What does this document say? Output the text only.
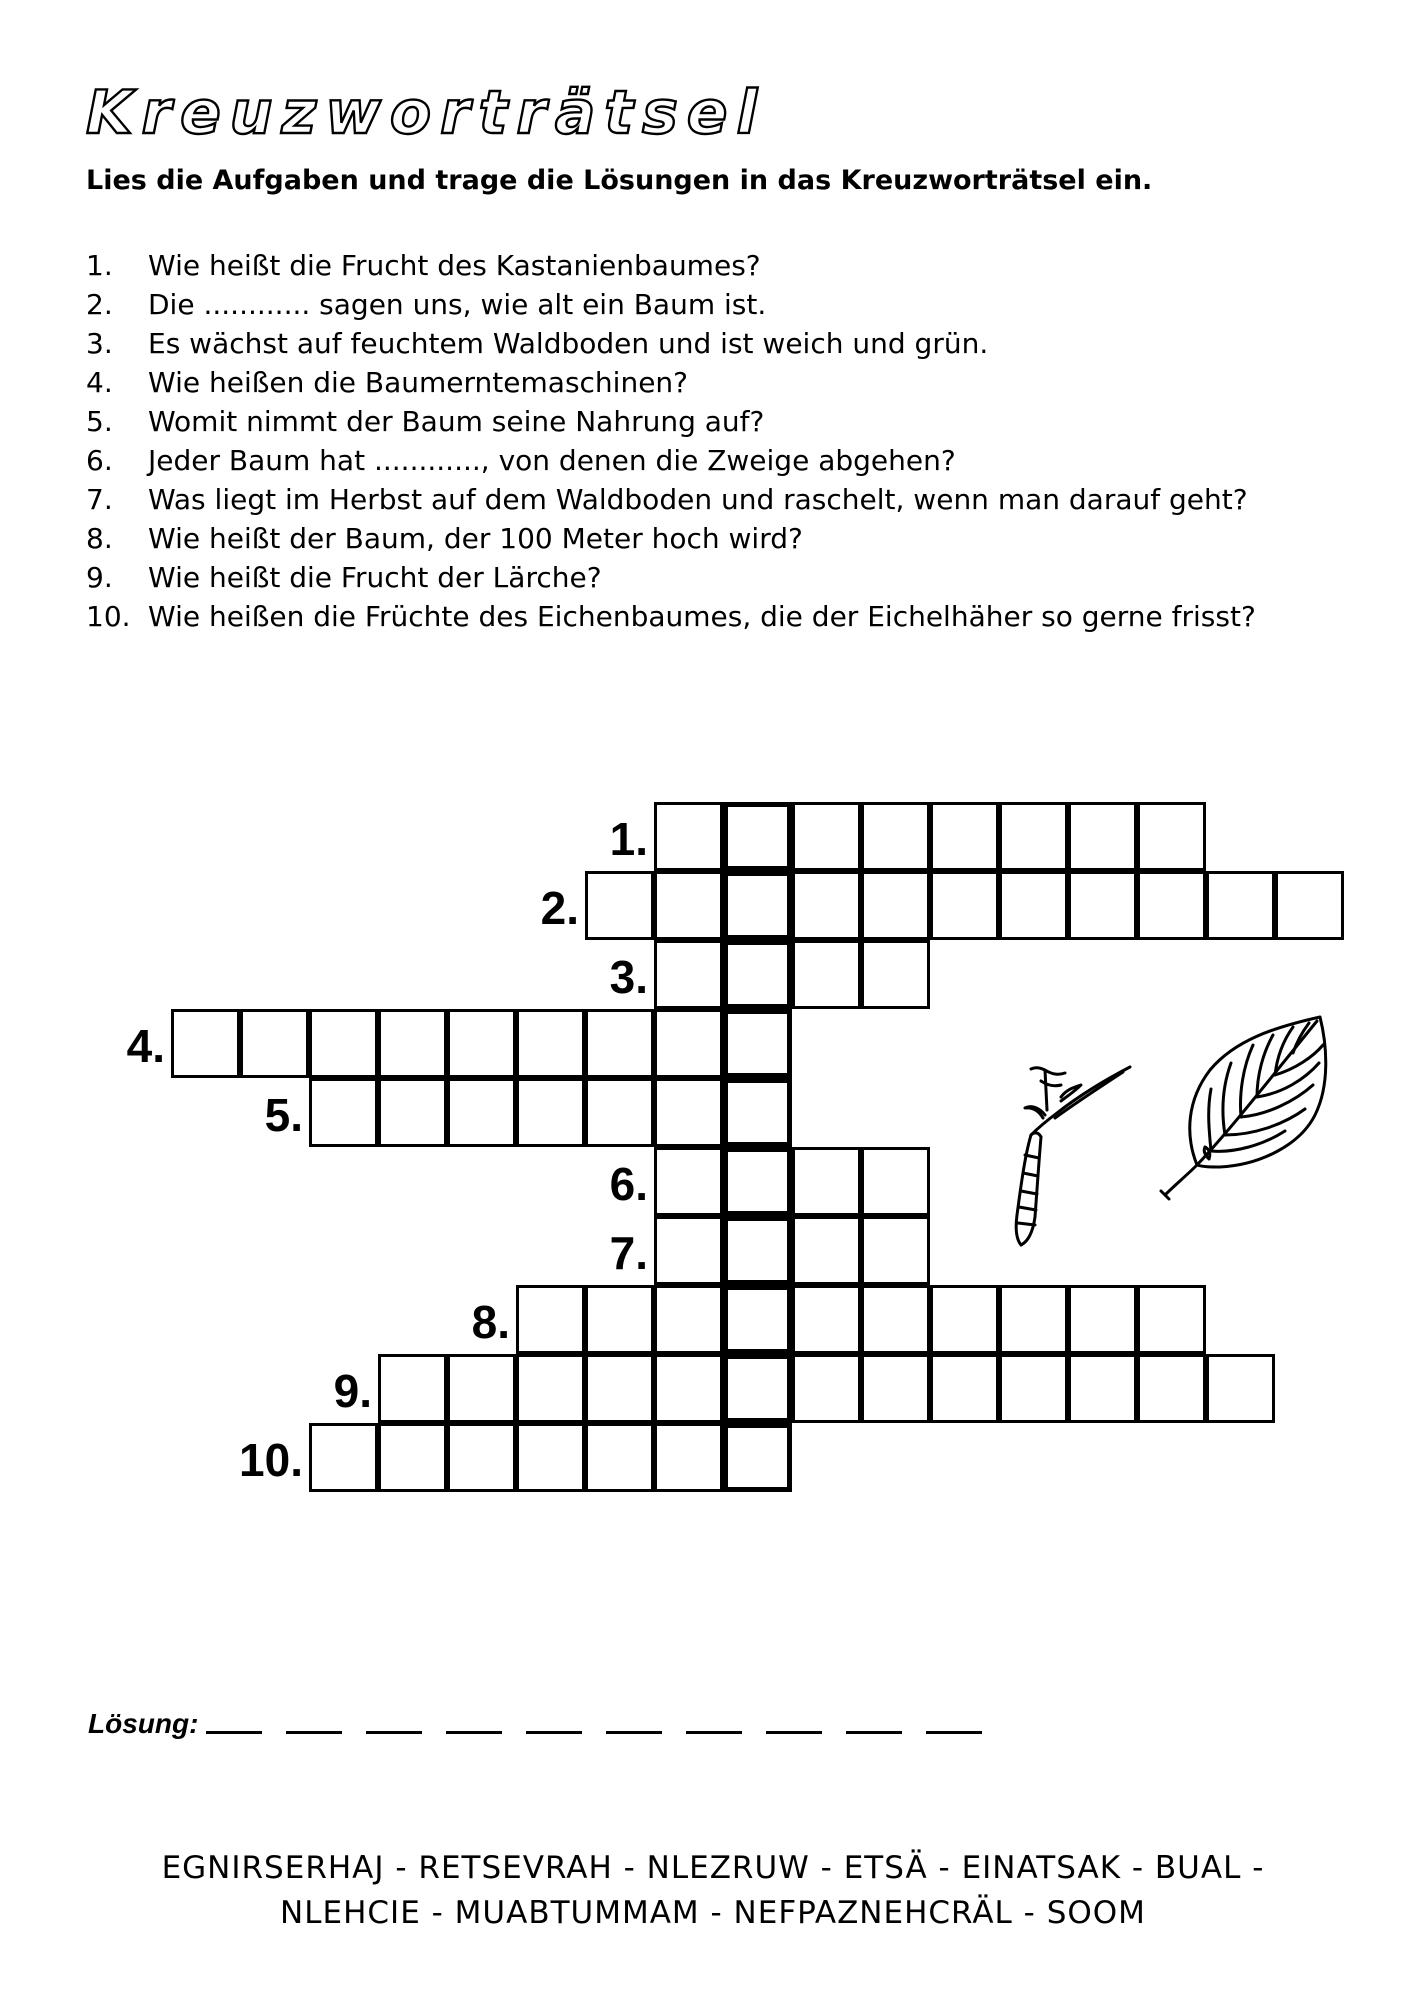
Kreuzworträtsel
Lies die Aufgaben und trage die Lösungen in das Kreuzworträtsel ein.
1. Wie heißt die Frucht des Kastanienbaumes?
2. Die ............ sagen uns, wie alt ein Baum ist.
3. Es wächst auf feuchtem Waldboden und ist weich und grün.
4. Wie heißen die Baumerntemaschinen?
5. Womit nimmt der Baum seine Nahrung auf?
6. Jeder Baum hat ............, von denen die Zweige abgehen?
7. Was liegt im Herbst auf dem Waldboden und raschelt, wenn man darauf geht?
8. Wie heißt der Baum, der 100 Meter hoch wird?
9. Wie heißt die Frucht der Lärche?
10. Wie heißen die Früchte des Eichenbaumes, die der Eichelhäher so gerne frisst?
1.
2.
3.
4.
5.
6.
7.
8.
9.
10.
Lösung:
EGNIRSERHAJ - RETSEVRAH - NLEZRUW - ETSÄ - EINATSAK - BUAL -
NLEHCIE - MUABTUMMAM - NEFPAZNEHCRÄL - SOOM
